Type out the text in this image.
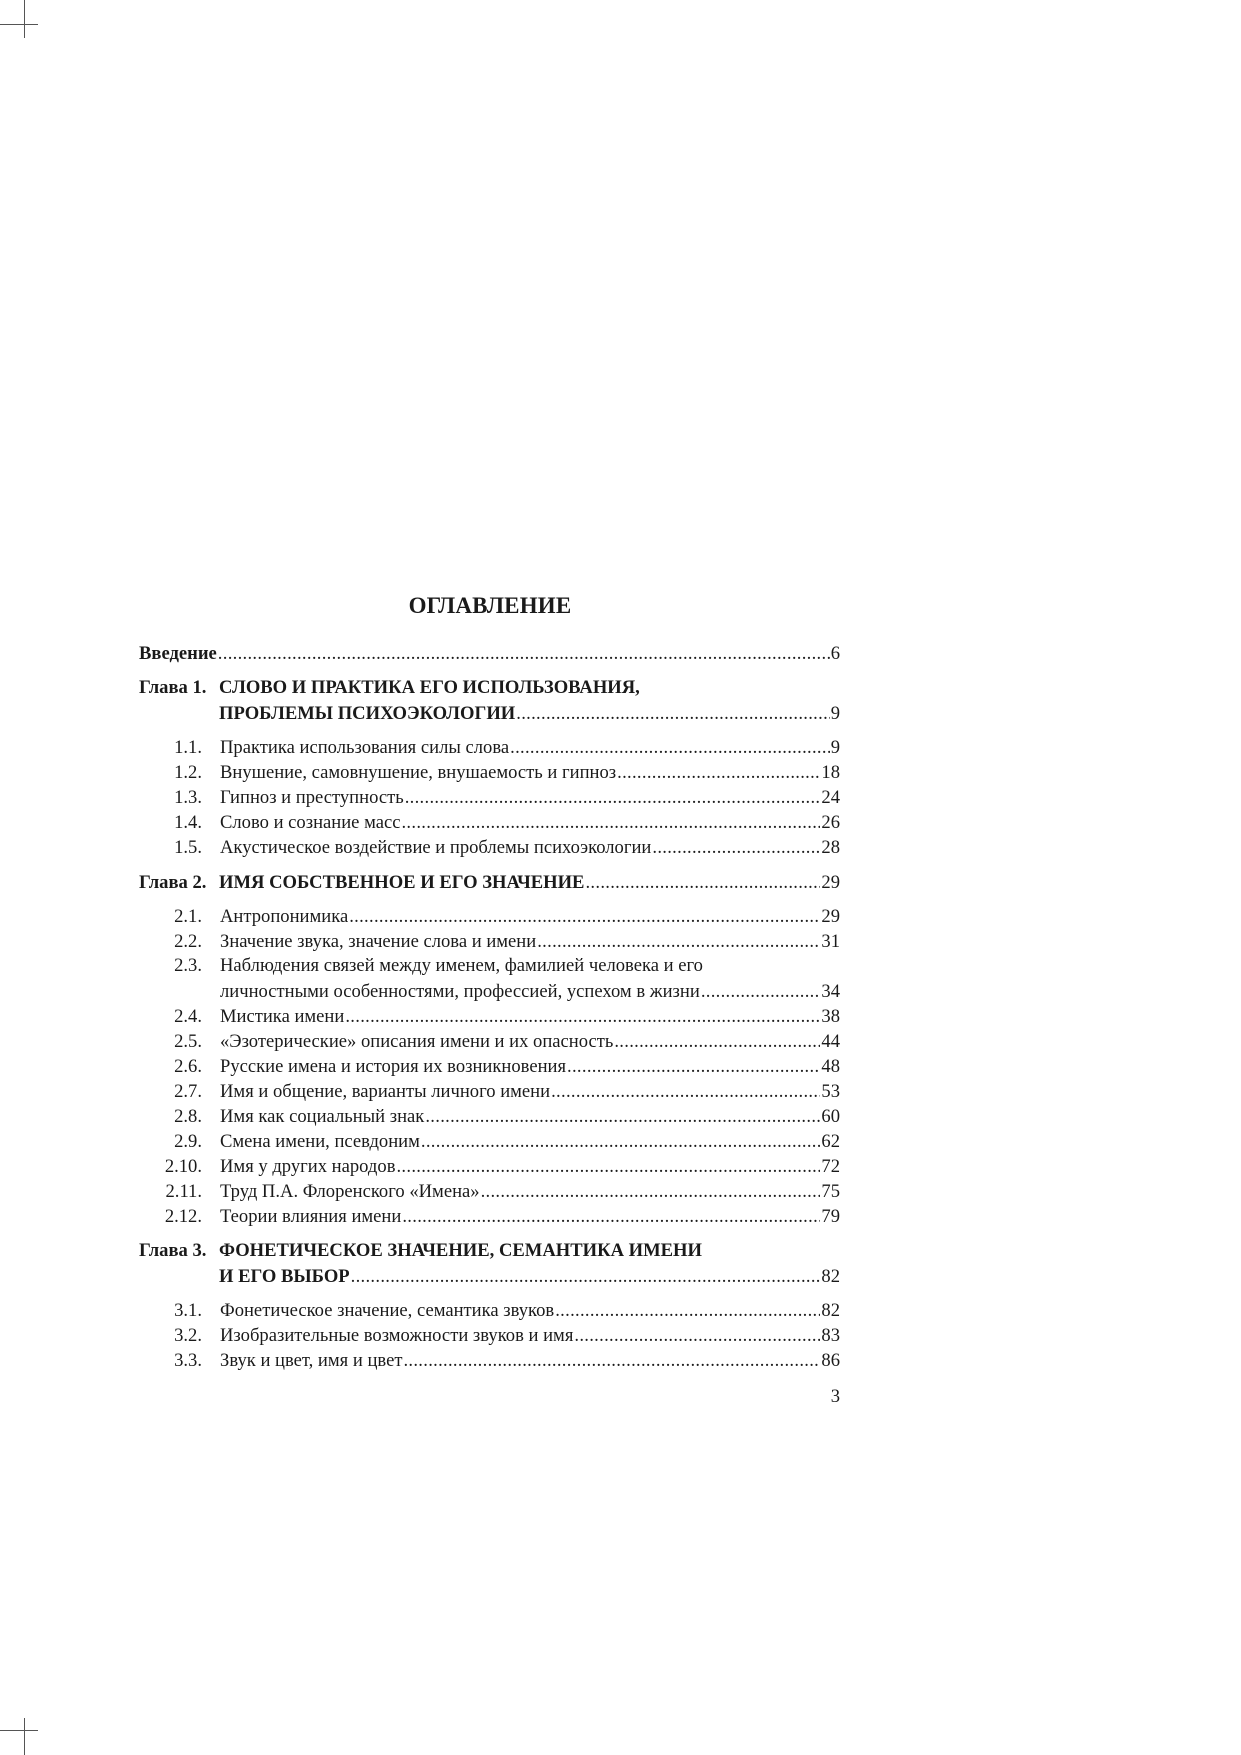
ОГЛАВЛЕНИЕ
Введение .....	6
Глава 1. СЛОВО И ПРАКТИКА ЕГО ИСПОЛЬЗОВАНИЯ,
ПРОБЛЕМЫ ПСИХОЭКОЛОГИИ .....	9
1.1. Практика использования силы слова .....	9
1.2. Внушение, самовнушение, внушаемость и гипноз .....	18
1.3. Гипноз и преступность .....	24
1.4. Слово и сознание масс .....	26
1.5. Акустическое воздействие и проблемы психоэкологии .....	28
Глава 2. ИМЯ СОБСТВЕННОЕ И ЕГО ЗНАЧЕНИЕ .....	29
2.1. Антропонимика .....	29
2.2. Значение звука, значение слова и имени .....	31
2.3. Наблюдения связей между именем, фамилией человека и его
личностными особенностями, профессией, успехом в жизни .....	34
2.4. Мистика имени .....	38
2.5. «Эзотерические» описания имени и их опасность .....	44
2.6. Русские имена и история их возникновения .....	48
2.7. Имя и общение, варианты личного имени .....	53
2.8. Имя как социальный знак .....	60
2.9. Смена имени, псевдоним .....	62
2.10. Имя у других народов .....	72
2.11. Труд П.А. Флоренского «Имена» .....	75
2.12. Теории влияния имени .....	79
Глава 3. ФОНЕТИЧЕСКОЕ ЗНАЧЕНИЕ, СЕМАНТИКА ИМЕНИ
И ЕГО ВЫБОР .....	82
3.1. Фонетическое значение, семантика звуков .....	82
3.2. Изобразительные возможности звуков и имя .....	83
3.3. Звук и цвет, имя и цвет .....	86
3
